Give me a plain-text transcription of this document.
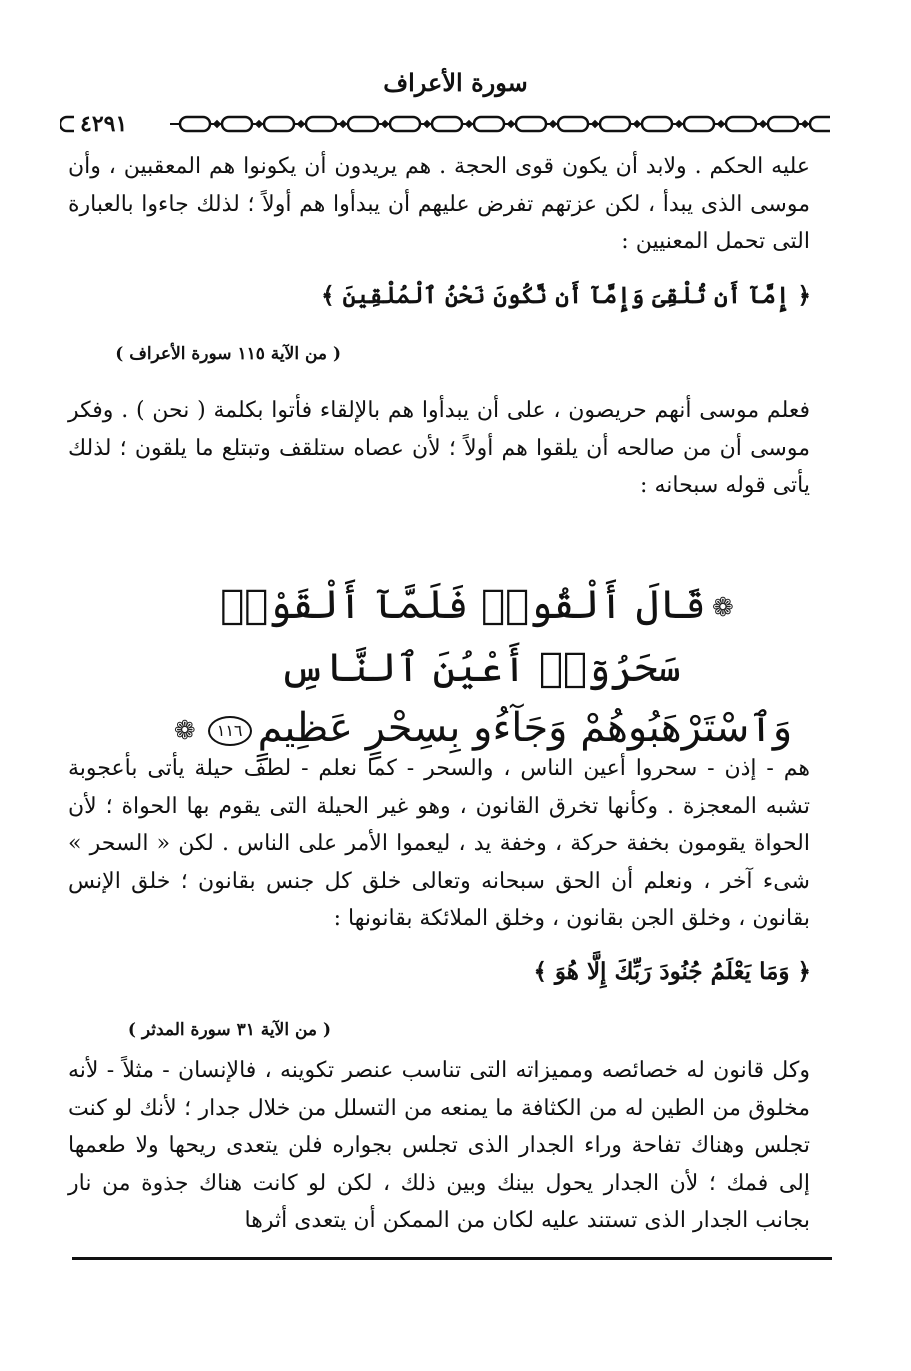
سورة الأعراف
٤٢٩١
عليه الحكم . ولابد أن يكون قوى الحجة . هم يريدون أن يكونوا هم المعقبين ، وأن موسى الذى يبدأ ، لكن عزتهم تفرض عليهم أن يبدأوا هم أولاً ؛ لذلك جاءوا بالعبارة التى تحمل المعنيين :
﴿ إِمَّآ أَن تُلْقِىَ وَإِمَّآ أَن نَّكُونَ نَحْنُ ٱلْمُلْقِينَ ﴾
( من الآية ١١٥ سورة الأعراف )
فعلم موسى أنهم حريصون ، على أن يبدأوا هم بالإلقاء فأتوا بكلمة ( نحن ) . وفكر موسى أن من صالحه أن يلقوا هم أولاً ؛ لأن عصاه ستلقف وتبتلع ما يلقون ؛ لذلك يأتى قوله سبحانه :
❁قَالَ أَلْقُوا۟ فَلَمَّآ أَلْقَوْا۟ سَحَرُوٓا۟ أَعْيُنَ ٱلنَّاسِ
وَٱسْتَرْهَبُوهُمْ وَجَآءُو بِسِحْرٍ عَظِيمٍ١١٦❁
هم - إذن - سحروا أعين الناس ، والسحر - كما نعلم - لطف حيلة يأتى بأعجوبة تشبه المعجزة . وكأنها تخرق القانون ، وهو غير الحيلة التى يقوم بها الحواة ؛ لأن الحواة يقومون بخفة حركة ، وخفة يد ، ليعموا الأمر على الناس . لكن « السحر » شىء آخر ، ونعلم أن الحق سبحانه وتعالى خلق كل جنس بقانون ؛ خلق الإنس بقانون ، وخلق الجن بقانون ، وخلق الملائكة بقانونها :
﴿ وَمَا يَعْلَمُ جُنُودَ رَبِّكَ إِلَّا هُوَ ﴾
( من الآية ٣١ سورة المدثر )
وكل قانون له خصائصه ومميزاته التى تناسب عنصر تكوينه ، فالإنسان - مثلاً - لأنه مخلوق من الطين له من الكثافة ما يمنعه من التسلل من خلال جدار ؛ لأنك لو كنت تجلس وهناك تفاحة وراء الجدار الذى تجلس بجواره فلن يتعدى ريحها ولا طعمها إلى فمك ؛ لأن الجدار يحول بينك وبين ذلك ، لكن لو كانت هناك جذوة من نار بجانب الجدار الذى تستند عليه لكان من الممكن أن يتعدى أثرها
